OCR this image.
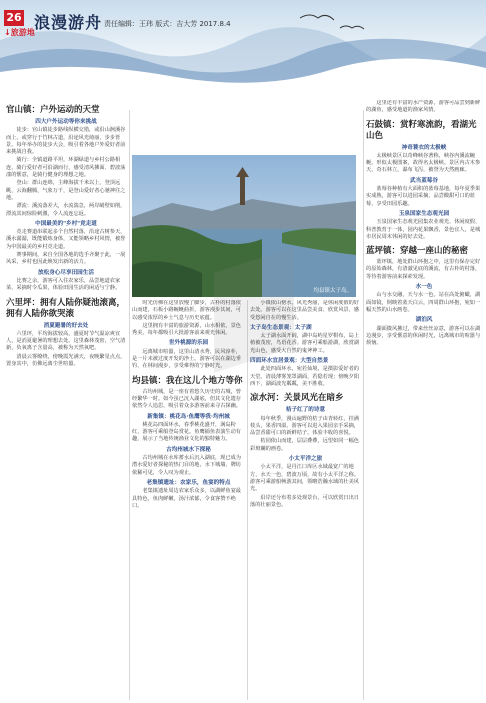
26
↓旅游地
浪漫游舟 责任编辑：王玮 版式：吉大芳 2017.8.4
官山镇：户外运动的天堂
四大户外运动等你来挑战

徒步：官山镇徒步路线纵横交错，或沿山涧溪谷而上，或穿行于竹林古道，沿途风光绮丽，步步皆景。每年举办的徒步大会，吸引着各地户外爱好者前来挑战自我。

骑行：全镇道路平坦，环湖绿道与乡村公路相连，骑行爱好者可沿湖而行，感受清风拂面、碧波荡漾的惬意，是骑行健身的理想之地。

登山：群山连绵，主峰海拔千米以上，登顶远眺，云海翻腾，气象万千，是登山爱好者心驰神往之地。

漂流：溪流落差大，水流湍急，两岸峭壁如削，漂流其间惊险刺激，令人流连忘返。

中国最美的"乡村"竞走道

竞走赛道串联起多个自然村落，沿途古树参天，溪水潺潺，既能锻炼身体，又能领略乡村风情，被誉为中国最美的乡村竞走道。

赛事期间，来自全国各地的选手齐聚于此，一展风采，乡村也因此焕发出新的活力。

放松身心尽享田园生活

比赛之余，游客可入住农家乐，品尝地道农家菜，采摘时令瓜果，体验田园生活的闲适与宁静。

六里坪：拥有人陆你疑池滚离，拥有人陆你欲哭滚
消夏避暑的好去处

六里坪，平均海拔较高，盛夏时节气温凉爽宜人，是消夏避暑的理想去处。这里森林茂密，空气清新，负氧离子含量高，被称为天然氧吧。

清晨云雾缭绕，傍晚霞光满天，夜晚繁星点点，置身其中，仿佛远离尘世喧嚣。

均县镇太子岛。

时光仿佛在这里放慢了脚步，古朴的村落依山而建，石板小路蜿蜒曲折，游客漫步其间，可以感受浓厚的乡土气息与历史底蕴。

这里拥有丰富的旅游资源，山水相依，景色秀美，每年都吸引大批游客前来观光休闲。

世外桃源的乐园

远离城市喧嚣，这里山清水秀，民风淳朴，是一片未被过度开发的净土。游客可以在湖边垂钓、在林间漫步，享受难得的宁静时光。

均县镇：我在这儿个地方等你

古均州城，是一座有着悠久历史的古城，曾经繁华一时。如今虽已沉入湖底，但其文化遗存依然令人追思，吸引着众多游客前来寻古探幽。

新集镇：桃花岛·鱼鹰等我·均州城

桃花岛四面环水，春季桃花盛开，满岛粉红，游客可乘船登岛赏花。鱼鹰捕鱼表演生动有趣，展示了当地传统渔业文化的独特魅力。

古均州城水下探秘

古均州城在水库蓄水后沉入湖底，现已成为潜水爱好者探秘的热门目的地，水下城墙、牌坊依稀可见，令人叹为观止。

老集镇遗址：农家乐，鱼宴的特点

老集镇遗址周边农家乐众多，以湖鲜鱼宴最具特色，鱼肉鲜嫩，汤汁浓郁，令食客赞不绝口。

小镇依山傍水，风光秀丽，是休闲度假的好去处。游客可以在这里品尝美食、欣赏风景，感受悠闲自在的慢生活。

太子岛生态景观：太子湖

太子湖水面开阔，湖中岛屿星罗棋布，岛上植被茂密，鸟语花香。游客可乘船游湖，欣赏湖光山色，感受大自然的鬼斧神工。

四面环水宜居景观：大型自然景

此处四面环水，宛若仙境，是摄影爱好者的天堂。清晨薄雾笼罩湖面，若隐若现；傍晚夕阳西下，湖面波光粼粼，美不胜收。

凉水河：关景风光在暗乡
桔子红了的诗意

每年秋季，漫山遍野的桔子由青转红，挂满枝头，果香四溢。游客可以进入果园亲手采摘，品尝香甜可口的新鲜桔子，体验丰收的喜悦。

桔园依山而建，层层叠叠，远望如同一幅色彩斑斓的画卷。

小太平洋之旅

小太平洋，是丹江口库区水域最宽广的地方，水天一色，碧波万顷，故有小太平洋之称。游客可乘游船畅游其间，领略浩瀚水域的壮美风光。

沿岸还分布着多处观景台，可以欣赏日出日落的壮丽景色。

这里还有丰富的水产资源，游客可品尝到新鲜的湖鱼，感受地道的渔家风情。

石鼓镇：赏籽寒流韵，看湖光山色
神奇蓑衣的太极峡

太极峡景区以奇峰峡谷著称，峡谷内溪流蜿蜒，形似太极图案，故得名太极峡。景区内古木参天，奇石林立，瀑布飞泻，被誉为天然画廊。

武当蓝莓谷

蓝莓谷种植有大面积的蓝莓基地，每年夏季果实成熟，游客可以进园采摘，品尝酸甜可口的蓝莓，享受田园乐趣。

玉泉国家生态观光园

玉泉国家生态观光园集农业观光、休闲度假、科普教育于一体，园内花果飘香，景色宜人，是城市居民周末休闲的好去处。

蓝坪镇：穿越一座山的秘密

蓝坪镇，地处群山环抱之中，这里有保存完好的原始森林，有清澈见底的溪流，有古朴的村落，等待着游客前来探索发现。

水一色

山与水交融，天与水一色。站在高处俯瞰，湖面如镜，倒映着蓝天白云，四周群山环抱，宛如一幅天然的山水画卷。

湖泊风

湖面微风拂过，带来丝丝凉意，游客可以在湖边漫步，享受惬意的休闲时光，远离城市的喧嚣与烦恼。
